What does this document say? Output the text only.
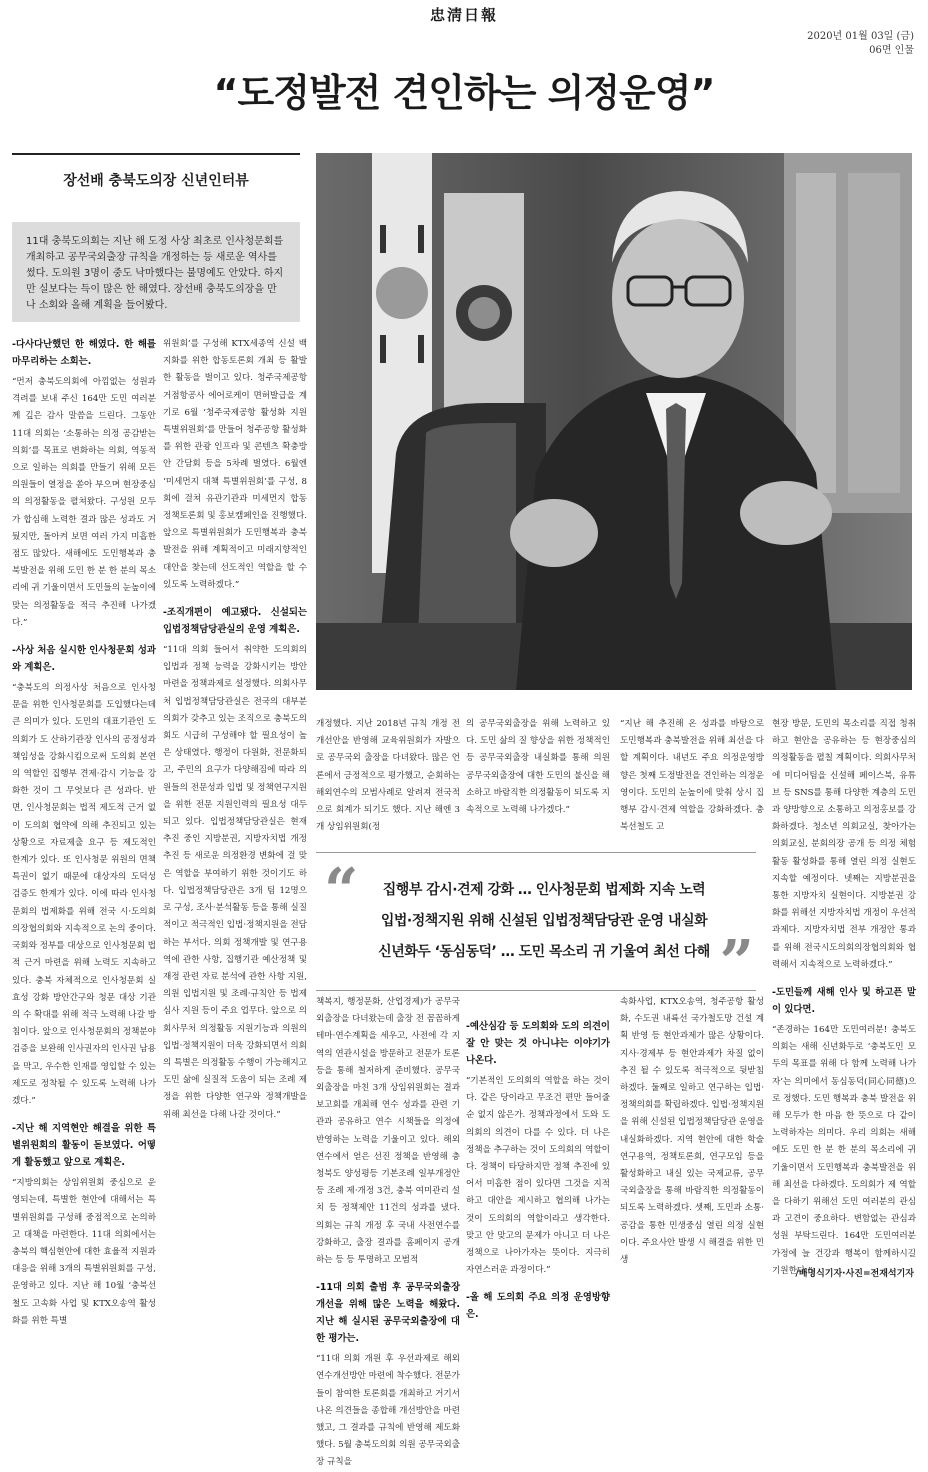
忠淸日報
2020년 01월 03일 (금)
06면 인물
“도정발전 견인하는 의정운영”
장선배 충북도의장 신년인터뷰
11대 충북도의회는 지난 해 도정 사상 최초로 인사청문회를 개최하고 공무국외출장 규칙을 개정하는 등 새로운 역사를 썼다. 도의원 3명이 중도 낙마했다는 불명예도 안았다. 하지만 실보다는 득이 많은 한 해였다. 장선배 충북도의장을 만나 소회와 올해 계획을 들어봤다.
-다사다난했던 한 해였다. 한 해를 마무리하는 소회는.

“먼저 충북도의회에 아낌없는 성원과 격려를 보내 주신 164만 도민 여러분께 깊은 감사 말씀을 드린다. 그동안 11대 의회는 ‘소통하는 의정 공감받는 의회’를 목표로 변화하는 의회, 역동적으로 일하는 의회를 만들기 위해 모든 의원들이 열정을 쏟아 부으며 현장중심의 의정활동을 펼쳐왔다. 구성원 모두가 합심해 노력한 결과 많은 성과도 거뒀지만, 돌아켜 보면 여러 가지 미흡한 점도 많았다. 새해에도 도민행복과 충북발전을 위해 도민 한 분 한 분의 목소리에 귀 기울이면서 도민들의 눈높이에 맞는 의정활동을 적극 추진해 나가겠다.”

-사상 처음 실시한 인사청문회 성과와 계획은.

“충북도의 의정사상 처음으로 인사청문을 위한 인사청문회를 도입했다는데 큰 의미가 있다. 도민의 대표기관인 도의회가 도 산하기관장 인사의 공정성과 책임성을 강화시킴으로써 도의회 본연의 역할인 집행부 견제·감시 기능을 강화한 것이 그 무엇보다 큰 성과다. 반면, 인사청문회는 법적 제도적 근거 없이 도의회 협약에 의해 추진되고 있는 상황으로 자료제출 요구 등 제도적인 한계가 있다. 또 인사청문 위원의 면책특권이 없기 때문에 대상자의 도덕성 검증도 한계가 있다. 이에 따라 인사청문회의 법제화를 위해 전국 시·도의회 의장협의회와 지속적으로 논의 중이다. 국회와 정부를 대상으로 인사청문회 법적 근거 마련을 위해 노력도 지속하고 있다. 충북 자체적으로 인사청문회 실효성 강화 방안간구와 청문 대상 기관의 수 확대를 위해 적극 노력해 나갈 방침이다. 앞으로 인사청문회의 정책분야 검증을 보완해 인사권자의 인사권 남용을 막고, 우수한 인재를 영입할 수 있는 제도로 정착될 수 있도록 노력해 나가겠다.”

-지난 해 지역현안 해결을 위한 특별위원회의 활동이 돋보였다. 어떻게 활동했고 앞으로 계획은.

“지방의회는 상임위원회 중심으로 운영되는데, 특별한 현안에 대해서는 특별위원회를 구성해 중점적으로 논의하고 대책을 마련한다. 11대 의회에서는 충북의 핵심현안에 대한 효율적 지원과 대응을 위해 3개의 특별위원회를 구성, 운영하고 있다. 지난 해 10월 ‘충북선철도 고속화 사업 및 KTX오송역 활성화를 위한 특별

위원회’를 구성해 KTX세종역 신설 백지화를 위한 합동토론회 개최 등 활발한 활동을 벌이고 있다. 청주국제공항 거점항공사 에어로케이 면허발급을 계기로 6월 ‘청주국제공항 활성화 지원 특별위원회’를 만들어 청주공항 활성화를 위한 관광 인프라 및 콘텐츠 확충방안 간담회 등을 5차례 벌였다. 6월엔 ‘미세먼지 대책 특별위원회’를 구성, 8회에 걸쳐 유관기관과 미세먼지 합동 정책토론회 및 홍보캠페인을 진행했다. 앞으로 특별위원회가 도민행복과 충북 발전을 위해 계획적이고 미래지향적인 대안을 찾는데 선도적인 역할을 할 수 있도록 노력하겠다.”

-조직개편이 예고됐다. 신설되는 입법정책담당관실의 운영 계획은.

“11대 의회 들어서 취약한 도의회의 입법과 정책 능력을 강화시키는 방안 마련을 정책과제로 설정했다. 의회사무처 입법정책담당관실은 전국의 대부분 의회가 갖추고 있는 조직으로 충북도의회도 시급히 구성해야 할 필요성이 높은 상태였다. 행정이 다원화, 전문화되고, 주민의 요구가 다양해짐에 따라 의원들의 전문성과 입법 및 정책연구지원을 위한 전문 지원인력의 필요성 대두되고 있다. 입법정책담당관실은 현재 추진 중인 지방분권, 지방자치법 개정 추진 등 새로운 의정환경 변화에 걸 맞은 역할을 부여하기 위한 것이기도 하다. 입법정책담당관은 3개 팀 12명으로 구성, 조사·분석활동 등을 통해 실질적이고 적극적인 입법·정책지원을 전담하는 부서다. 의회 정책개발 및 연구용역에 관한 사항, 집행기관 예산정책 및 재정 관련 자료 분석에 관한 사항 지원, 의원 입법지원 및 조례·규칙안 등 법제심사 지원 등이 주요 업무다. 앞으로 의회사무처 의정활동 지원기능과 의원의 입법·정책지원이 더욱 강화되면서 의회의 특별은 의정활동 수행이 가능해지고 도민 삶에 실질적 도움이 되는 조례 제정을 위한 다양한 연구와 정책개발을 위해 최선을 다해 나갈 것이다.”

개정했다. 지난 2018년 규칙 개정 전 개선안을 반영해 교육위원회가 자발으로 공무국외 출장을 다녀왔다. 많은 언론에서 긍정적으로 평가했고, 순회하는 해외연수의 모범사례로 알려져 전국적으로 회계가 되기도 했다. 지난 해엔 3개 상임위원회(정

의 공무국외출장을 위해 노력하고 있다. 도민 삶의 질 향상을 위한 정책적인 등 공무국외출장 내실화를 통해 의원 공무국외출장에 대한 도민의 불신을 해소하고 바람직한 의정활동이 되도록 지속적으로 노력해 나가겠다.”

“지난 해 추진해 온 성과를 바탕으로 도민행복과 충북발전을 위해 최선을 다할 계획이다. 내년도 주요 의정운영방향은 첫째 도정발전을 견인하는 의정운영이다. 도민의 눈높이에 맞춰 상시 집행부 감시·견제 역할을 강화하겠다. 충북선철도 고

“	집행부 감시·견제 강화 … 인사청문회 법제화 지속 노력
입법·정책지원 위해 신설된 입법정책담당관 운영 내실화
신년화두 ‘동심동덕’ … 도민 목소리 귀 기울여 최선 다해 ”

책복지, 행정문화, 산업경제)가 공무국외출장을 다녀왔는데 출장 전 꼼꼼하게 테마·연수계획을 세우고, 사전에 각 지역의 연관시설을 방문하고 전문가 토론 등을 통해 철저하게 준비했다. 공무국외출장을 마친 3개 상임위원회는 결과보고회를 개최해 연수 성과를 관련 기관과 공유하고 연수 시책들을 의정에 반영하는 노력을 기울이고 있다. 해외 연수에서 얻은 선진 정책을 반영해 충청북도 양성평등 기본조례 일부개정안 등 조례 제·개정 3건, 충북 여미관리 설치 등 정책제안 11건의 성과를 냈다. 의회는 규칙 개정 후 국내 사전연수를 강화하고, 출장 결과를 홈페이지 공개하는 등 등 투명하고 모범적

-11대 의회 출범 후 공무국외출장 개선을 위해 많은 노력을 해왔다. 지난 해 실시된 공무국외출장에 대한 평가는.

“11대 의회 개원 후 우선과제로 해외연수개선방안 마련에 착수했다. 전문가들이 참여한 토론회를 개최하고 거기서 나온 의견들을 종합해 개선방안을 마련했고, 그 결과를 규칙에 반영해 제도화했다. 5월 충북도의회 의원 공무국외출장 규칙을

-예산심감 등 도의회와 도의 의견이 잘 안 맞는 것 아니냐는 이야기가 나온다.

“기본적인 도의회의 역할을 하는 것이다. 같은 당이라고 무조건 편만 들어줄 순 없지 않은가. 정책과정에서 도와 도의회의 의견이 다를 수 있다. 더 나은 정책을 추구하는 것이 도의회의 역할이다. 정책이 타당하지만 정책 추진에 있어서 미흡한 점이 있다면 그것을 지적하고 대안을 제시하고 협의해 나가는 것이 도의회의 역할이라고 생각한다. 맞고 안 맞고의 문제가 아니고 더 나은 정책으로 나아가자는 뜻이다. 지극히 자연스러운 과정이다.”

-올 해 도의회 주요 의정 운영방향은.

속화사업, KTX오송역, 청주공항 활성화, 수도권 내륙선 국가철도망 건설 계획 반영 등 현안과제가 많은 상황이다. 지사·경제부 등 현안과제가 차질 없이 추진 될 수 있도록 적극적으로 뒷받침하겠다. 둘째로 일하고 연구하는 입법·정책의회를 확립하겠다. 입법·정책지원을 위해 신설된 입법정책담당관 운영을 내실화하겠다. 지역 현안에 대한 학술연구용역, 정책토론회, 연구모임 등을 활성화하고 내실 있는 국제교류, 공무국외출장을 통해 바람직한 의정활동이 되도록 노력하겠다. 셋째, 도민과 소통·공감을 통한 민생중심 열린 의정 실현이다. 주요사안 발생 시 해결을 위한 민생

현장 방문, 도민의 목소리를 직접 청취하고 현안을 공유하는 등 현장중심의 의정활동을 펼칠 계획이다. 의회사무처에 미디어팀을 신설해 페이스북, 유튜브 등 SNS를 통해 다양한 계층의 도민과 양방향으로 소통하고 의정홍보를 강화하겠다. 청소년 의회교실, 찾아가는 의회교실, 분회의장 공개 등 의정 체험활동 활성화를 통해 열린 의정 실현도 지속할 예정이다. 넷째는 지방분권을 통한 지방자치 실현이다. 지방분권 강화를 위해선 지방자치법 개정이 우선적 과제다. 지방자치법 전부 개정안 통과를 위해 전국시도의회의장협의회와 협력해서 지속적으로 노력하겠다.”

-도민들께 새해 인사 및 하고픈 말이 있다면.

“존경하는 164만 도민여러분! 충북도의회는 새해 신년화두로 ‘충북도민 모두의 목표를 위해 다 함께 노력해 나가자’는 의미에서 동심동덕(同心同德)으로 정했다. 도민 행복과 충북 발전을 위해 모두가 한 마음 한 뜻으로 다 같이 노력하자는 의미다. 우리 의회는 새해에도 도민 한 분 한 분의 목소리에 귀 기울이면서 도민행복과 충북발전을 위해 최선을 다하겠다. 도의회가 제 역할을 다하기 위해선 도민 여러분의 관심과 고견이 중요하다. 변함없는 관심과 성원 부탁드린다. 164만 도민여러분 가정에 늘 건강과 행복이 함께하시길 기원한다.”

/배명식기자·사진=전재석기자
